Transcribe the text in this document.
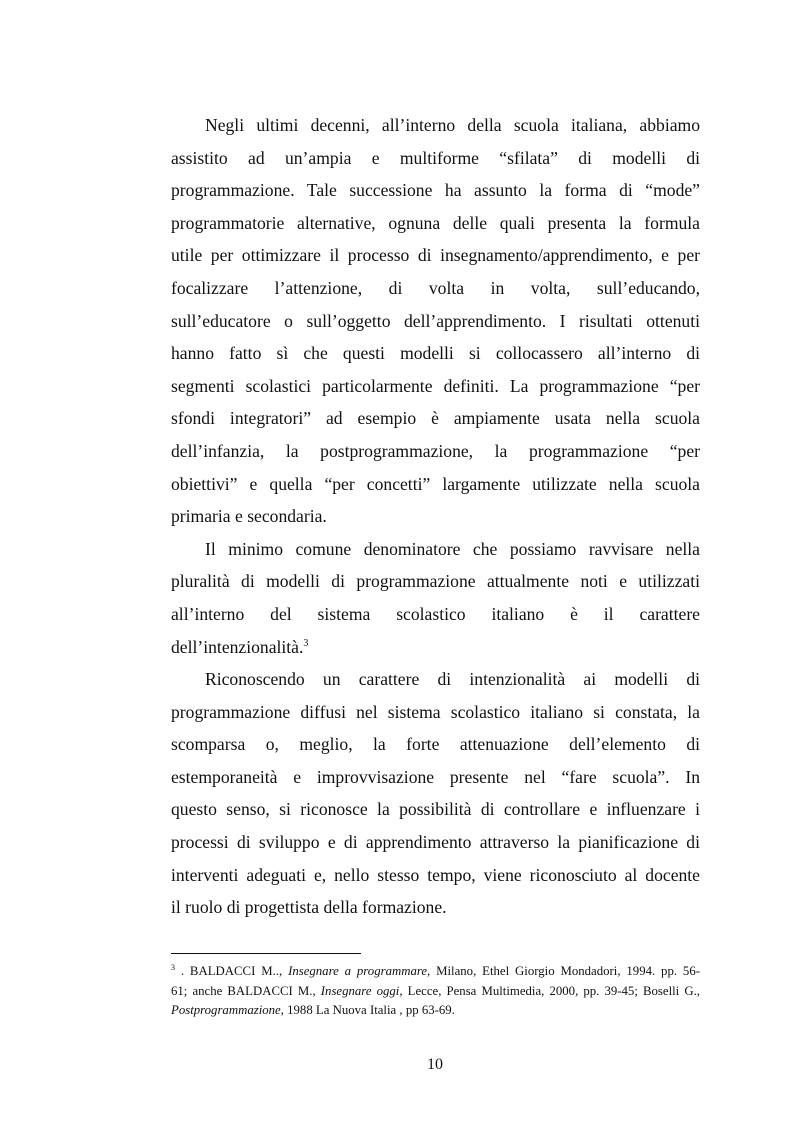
Negli ultimi decenni, all’interno della scuola italiana, abbiamo
assistito ad un’ampia e multiforme “sfilata” di modelli di
programmazione. Tale successione ha assunto la forma di “mode”
programmatorie alternative, ognuna delle quali presenta la formula
utile per ottimizzare il processo di insegnamento/apprendimento, e per
focalizzare l’attenzione, di volta in volta, sull’educando,
sull’educatore o sull’oggetto dell’apprendimento. I risultati ottenuti
hanno fatto sì che questi modelli si collocassero all’interno di
segmenti scolastici particolarmente definiti. La programmazione “per
sfondi integratori” ad esempio è ampiamente usata nella scuola
dell’infanzia, la postprogrammazione, la programmazione “per
obiettivi” e quella “per concetti” largamente utilizzate nella scuola
primaria e secondaria.

Il minimo comune denominatore che possiamo ravvisare nella
pluralità di modelli di programmazione attualmente noti e utilizzati
all’interno del sistema scolastico italiano è il carattere
dell’intenzionalità.$^3$

Riconoscendo un carattere di intenzionalità ai modelli di
programmazione diffusi nel sistema scolastico italiano si constata, la
scomparsa o, meglio, la forte attenuazione dell’elemento di
estemporaneità e improvvisazione presente nel “fare scuola”. In
questo senso, si riconosce la possibilità di controllare e influenzare i
processi di sviluppo e di apprendimento attraverso la pianificazione di
interventi adeguati e, nello stesso tempo, viene riconosciuto al docente
il ruolo di progettista della formazione.

$^3$ . BALDACCI M.., Insegnare a programmare, Milano, Ethel Giorgio Mondadori, 1994. pp. 56-
61; anche BALDACCI M., Insegnare oggi, Lecce, Pensa Multimedia, 2000, pp. 39-45; Boselli G.,
Postprogrammazione, 1988 La Nuova Italia , pp 63-69.
10
